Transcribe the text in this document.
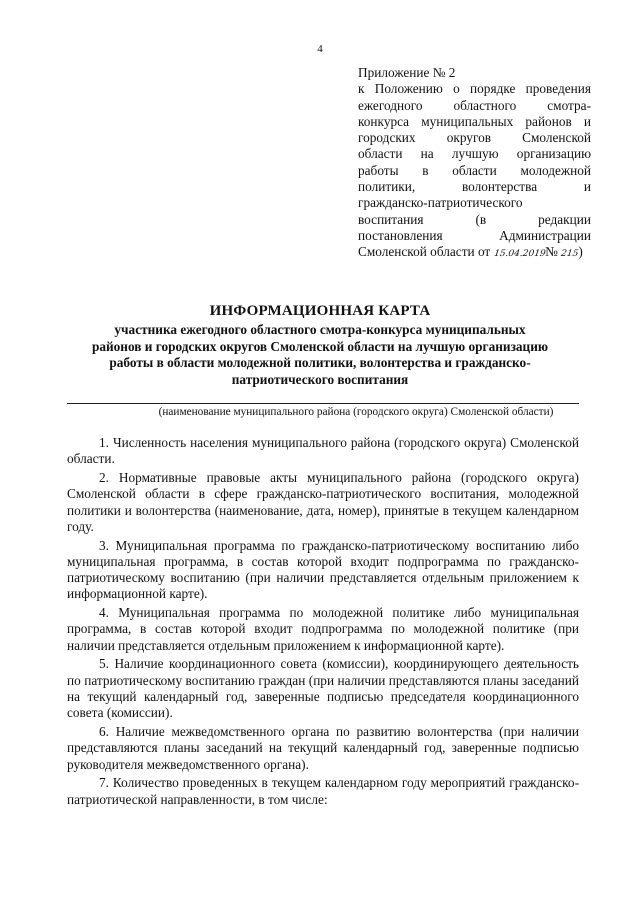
4
Приложение № 2
к Положению о порядке проведения
ежегодного областного смотра-
конкурса муниципальных районов и
городских округов Смоленской
области на лучшую организацию
работы в области молодежной
политики, волонтерства и
гражданско-патриотического
воспитания (в редакции
постановления Администрации
Смоленской области от 15.04.2019№ 215)
ИНФОРМАЦИОННАЯ КАРТА
участника ежегодного областного смотра-конкурса муниципальных районов и городских округов Смоленской области на лучшую организацию работы в области молодежной политики, волонтерства и гражданско-патриотического воспитания
(наименование муниципального района (городского округа) Смоленской области)

1. Численность населения муниципального района (городского округа) Смоленской области.

2. Нормативные правовые акты муниципального района (городского округа) Смоленской области в сфере гражданско-патриотического воспитания, молодежной политики и волонтерства (наименование, дата, номер), принятые в текущем календарном году.

3. Муниципальная программа по гражданско-патриотическому воспитанию либо муниципальная программа, в состав которой входит подпрограмма по гражданско-патриотическому воспитанию (при наличии представляется отдельным приложением к информационной карте).

4. Муниципальная программа по молодежной политике либо муниципальная программа, в состав которой входит подпрограмма по молодежной политике (при наличии представляется отдельным приложением к информационной карте).

5. Наличие координационного совета (комиссии), координирующего деятельность по патриотическому воспитанию граждан (при наличии представляются планы заседаний на текущий календарный год, заверенные подписью председателя координационного совета (комиссии).

6. Наличие межведомственного органа по развитию волонтерства (при наличии представляются планы заседаний на текущий календарный год, заверенные подписью руководителя межведомственного органа).

7. Количество проведенных в текущем календарном году мероприятий гражданско-патриотической направленности, в том числе:
